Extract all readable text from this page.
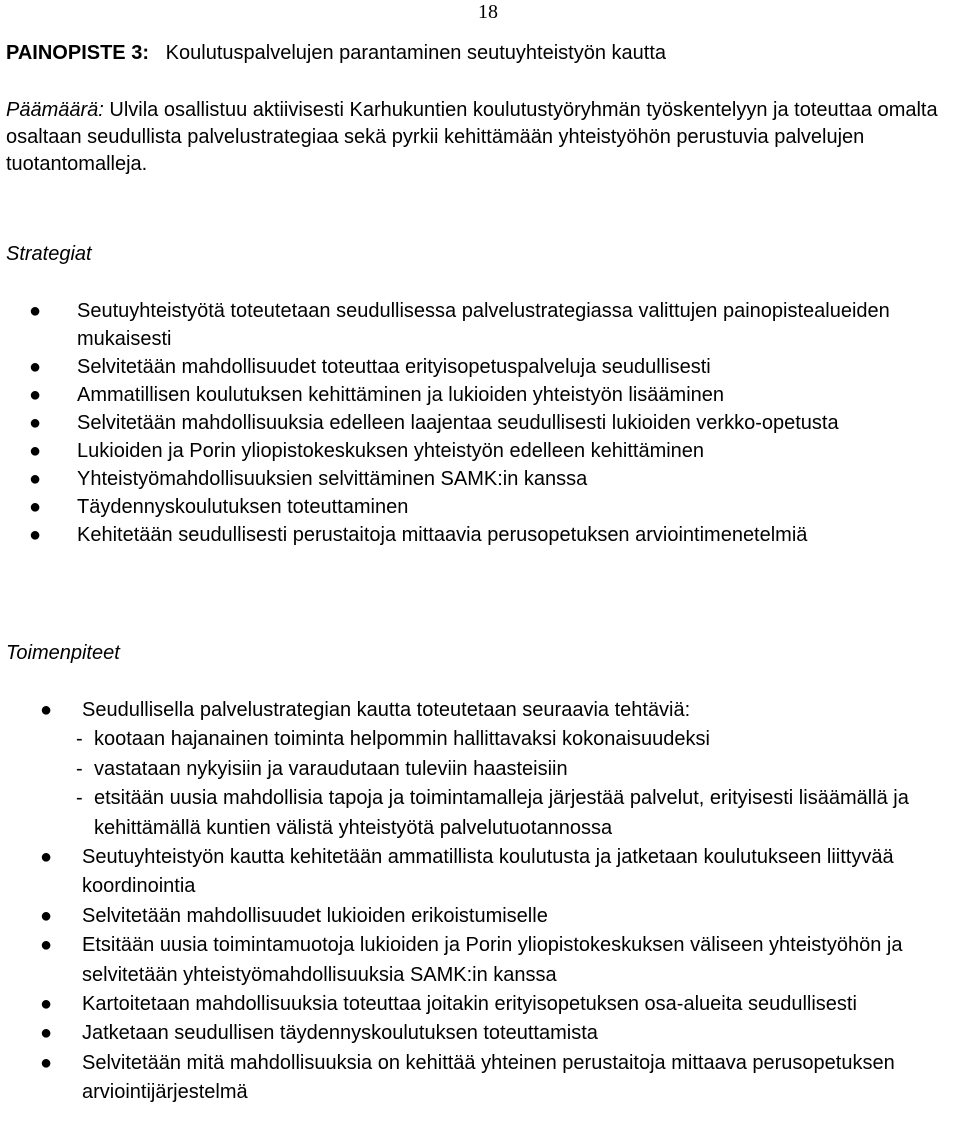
18
PAINOPISTE 3: Koulutuspalvelujen parantaminen seutuyhteistyön kautta
Päämäärä: Ulvila osallistuu aktiivisesti Karhukuntien koulutustyöryhmän työskentelyyn ja toteuttaa omalta osaltaan seudullista palvelustrategiaa sekä pyrkii kehittämään yhteistyöhön perustuvia palvelujen tuotantomalleja.
Strategiat
● Seutuyhteistyötä toteutetaan seudullisessa palvelustrategiassa valittujen painopistealueiden mukaisesti
● Selvitetään mahdollisuudet toteuttaa erityisopetuspalveluja seudullisesti
● Ammatillisen koulutuksen kehittäminen ja lukioiden yhteistyön lisääminen
● Selvitetään mahdollisuuksia edelleen laajentaa seudullisesti lukioiden verkko-opetusta
● Lukioiden ja Porin yliopistokeskuksen yhteistyön edelleen kehittäminen
● Yhteistyömahdollisuuksien selvittäminen SAMK:in kanssa
● Täydennyskoulutuksen toteuttaminen
● Kehitetään seudullisesti perustaitoja mittaavia perusopetuksen arviointimenetelmiä
Toimenpiteet
● Seudullisella palvelustrategian kautta toteutetaan seuraavia tehtäviä:
- kootaan hajanainen toiminta helpommin hallittavaksi kokonaisuudeksi
- vastataan nykyisiin ja varaudutaan tuleviin haasteisiin
- etsitään uusia mahdollisia tapoja ja toimintamalleja järjestää palvelut, erityisesti lisäämällä ja kehittämällä kuntien välistä yhteistyötä palvelutuotannossa
● Seutuyhteistyön kautta kehitetään ammatillista koulutusta ja jatketaan koulutukseen liittyvää koordinointia
● Selvitetään mahdollisuudet lukioiden erikoistumiselle
● Etsitään uusia toimintamuotoja lukioiden ja Porin yliopistokeskuksen väliseen yhteistyöhön ja selvitetään yhteistyömahdollisuuksia SAMK:in kanssa
● Kartoitetaan mahdollisuuksia toteuttaa joitakin erityisopetuksen osa-alueita seudullisesti
● Jatketaan seudullisen täydennyskoulutuksen toteuttamista
● Selvitetään mitä mahdollisuuksia on kehittää yhteinen perustaitoja mittaava perusopetuksen arviointijärjestelmä
